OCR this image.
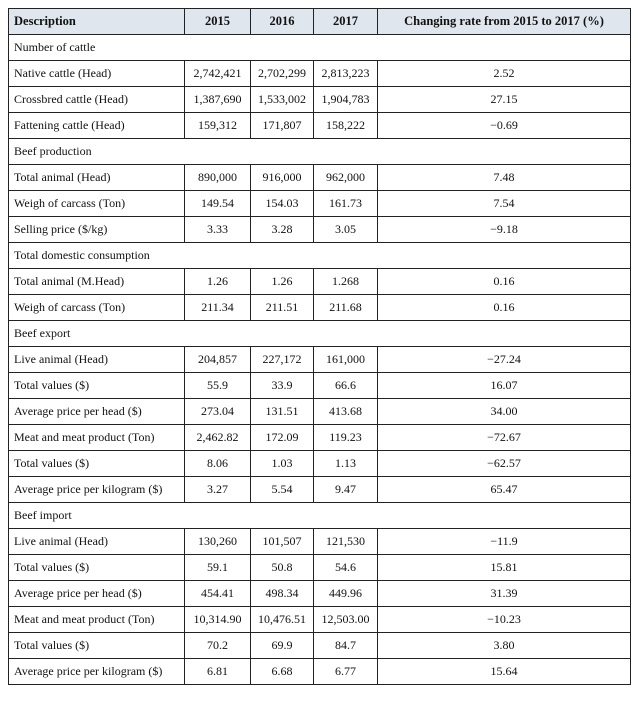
Description	2015	2016	2017	Changing rate from 2015 to 2017 (%)
Number of cattle				
Native cattle (Head)	2,742,421	2,702,299	2,813,223	2.52
Crossbred cattle (Head)	1,387,690	1,533,002	1,904,783	27.15
Fattening cattle (Head)	159,312	171,807	158,222	−0.69
Beef production				
Total animal (Head)	890,000	916,000	962,000	7.48
Weigh of carcass (Ton)	149.54	154.03	161.73	7.54
Selling price ($/kg)	3.33	3.28	3.05	−9.18
Total domestic consumption				
Total animal (M.Head)	1.26	1.26	1.268	0.16
Weigh of carcass (Ton)	211.34	211.51	211.68	0.16
Beef export				
Live animal (Head)	204,857	227,172	161,000	−27.24
Total values ($)	55.9	33.9	66.6	16.07
Average price per head ($)	273.04	131.51	413.68	34.00
Meat and meat product (Ton)	2,462.82	172.09	119.23	−72.67
Total values ($)	8.06	1.03	1.13	−62.57
Average price per kilogram ($)	3.27	5.54	9.47	65.47
Beef import				
Live animal (Head)	130,260	101,507	121,530	−11.9
Total values ($)	59.1	50.8	54.6	15.81
Average price per head ($)	454.41	498.34	449.96	31.39
Meat and meat product (Ton)	10,314.90	10,476.51	12,503.00	−10.23
Total values ($)	70.2	69.9	84.7	3.80
Average price per kilogram ($)	6.81	6.68	6.77	15.64
